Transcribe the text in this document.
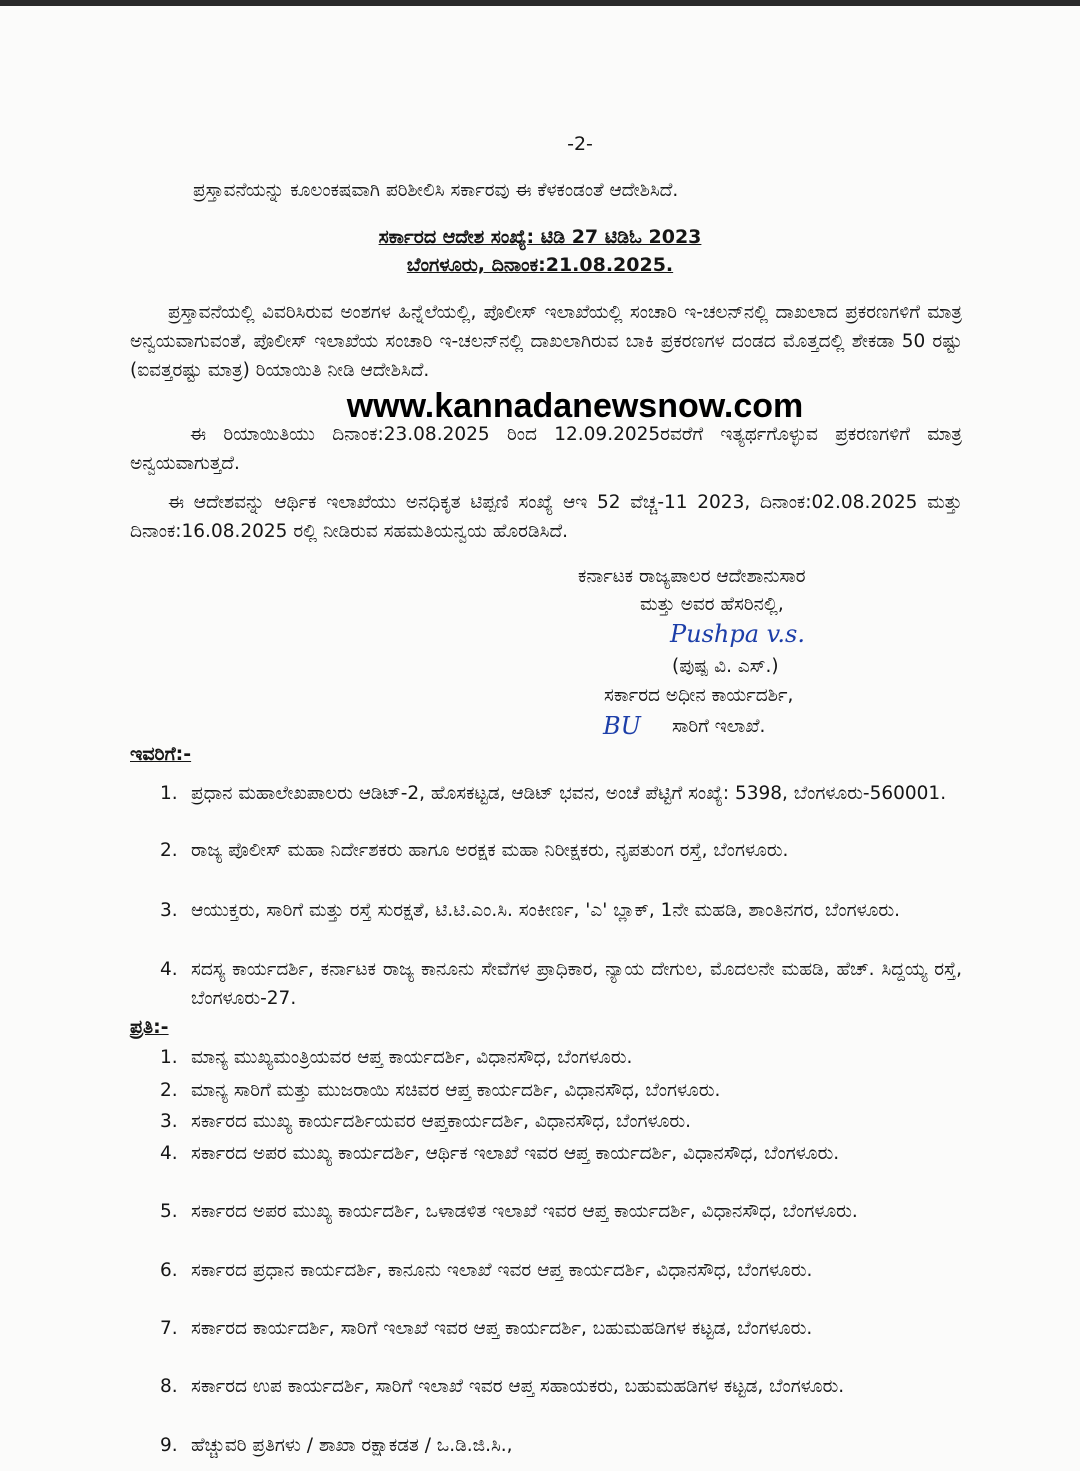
-2-
ಪ್ರಸ್ತಾವನೆಯನ್ನು ಕೂಲಂಕಷವಾಗಿ ಪರಿಶೀಲಿಸಿ ಸರ್ಕಾರವು ಈ ಕೆಳಕಂಡಂತೆ ಆದೇಶಿಸಿದೆ.
ಸರ್ಕಾರದ ಆದೇಶ ಸಂಖ್ಯೆ: ಟಿಡಿ 27 ಟಿಡಿಓ 2023
ಬೆಂಗಳೂರು, ದಿನಾಂಕ:21.08.2025.
ಪ್ರಸ್ತಾವನೆಯಲ್ಲಿ ವಿವರಿಸಿರುವ ಅಂಶಗಳ ಹಿನ್ನೆಲೆಯಲ್ಲಿ, ಪೊಲೀಸ್ ಇಲಾಖೆಯಲ್ಲಿ ಸಂಚಾರಿ ಇ-ಚಲನ್‌ನಲ್ಲಿ ದಾಖಲಾದ ಪ್ರಕರಣಗಳಿಗೆ ಮಾತ್ರ ಅನ್ವಯವಾಗುವಂತೆ, ಪೊಲೀಸ್ ಇಲಾಖೆಯ ಸಂಚಾರಿ ಇ-ಚಲನ್‌ನಲ್ಲಿ ದಾಖಲಾಗಿರುವ ಬಾಕಿ ಪ್ರಕರಣಗಳ ದಂಡದ ಮೊತ್ತದಲ್ಲಿ ಶೇಕಡಾ 50 ರಷ್ಟು (ಐವತ್ತರಷ್ಟು ಮಾತ್ರ) ರಿಯಾಯಿತಿ ನೀಡಿ ಆದೇಶಿಸಿದೆ.
ಈ ರಿಯಾಯಿತಿಯು ದಿನಾಂಕ:23.08.2025 ರಿಂದ 12.09.2025ರವರೆಗೆ ಇತ್ಯರ್ಥಗೊಳ್ಳುವ ಪ್ರಕರಣಗಳಿಗೆ ಮಾತ್ರ ಅನ್ವಯವಾಗುತ್ತದೆ.
ಈ ಆದೇಶವನ್ನು ಆರ್ಥಿಕ ಇಲಾಖೆಯು ಅನಧಿಕೃತ ಟಿಪ್ಪಣಿ ಸಂಖ್ಯೆ ಆಇ 52 ವೆಚ್ಚ-11 2023, ದಿನಾಂಕ:02.08.2025 ಮತ್ತು ದಿನಾಂಕ:16.08.2025 ರಲ್ಲಿ ನೀಡಿರುವ ಸಹಮತಿಯನ್ವಯ ಹೊರಡಿಸಿದೆ.
www.kannadanewsnow.com
ಕರ್ನಾಟಕ ರಾಜ್ಯಪಾಲರ ಆದೇಶಾನುಸಾರ
ಮತ್ತು ಅವರ ಹೆಸರಿನಲ್ಲಿ,
Pushpa v.s.
(ಪುಷ್ಪ ವಿ. ಎಸ್.)
ಸರ್ಕಾರದ ಅಧೀನ ಕಾರ್ಯದರ್ಶಿ,
BU ಸಾರಿಗೆ ಇಲಾಖೆ.
ಇವರಿಗೆ:-
1. ಪ್ರಧಾನ ಮಹಾಲೇಖಪಾಲರು ಆಡಿಟ್-2, ಹೊಸಕಟ್ಟಡ, ಆಡಿಟ್ ಭವನ, ಅಂಚೆ ಪೆಟ್ಟಿಗೆ ಸಂಖ್ಯೆ: 5398, ಬೆಂಗಳೂರು-560001.
2. ರಾಜ್ಯ ಪೊಲೀಸ್ ಮಹಾ ನಿರ್ದೇಶಕರು ಹಾಗೂ ಅರಕ್ಷಕ ಮಹಾ ನಿರೀಕ್ಷಕರು, ನೃಪತುಂಗ ರಸ್ತೆ, ಬೆಂಗಳೂರು.
3. ಆಯುಕ್ತರು, ಸಾರಿಗೆ ಮತ್ತು ರಸ್ತೆ ಸುರಕ್ಷತೆ, ಟಿ.ಟಿ.ಎಂ.ಸಿ. ಸಂಕೀರ್ಣ, 'ಎ' ಬ್ಲಾಕ್, 1ನೇ ಮಹಡಿ, ಶಾಂತಿನಗರ, ಬೆಂಗಳೂರು.
4. ಸದಸ್ಯ ಕಾರ್ಯದರ್ಶಿ, ಕರ್ನಾಟಕ ರಾಜ್ಯ ಕಾನೂನು ಸೇವೆಗಳ ಪ್ರಾಧಿಕಾರ, ನ್ಯಾಯ ದೇಗುಲ, ಮೊದಲನೇ ಮಹಡಿ, ಹೆಚ್. ಸಿದ್ದಯ್ಯ ರಸ್ತೆ, ಬೆಂಗಳೂರು-27.
ಪ್ರತಿ:-
1. ಮಾನ್ಯ ಮುಖ್ಯಮಂತ್ರಿಯವರ ಆಪ್ತ ಕಾರ್ಯದರ್ಶಿ, ವಿಧಾನಸೌಧ, ಬೆಂಗಳೂರು.
2. ಮಾನ್ಯ ಸಾರಿಗೆ ಮತ್ತು ಮುಜರಾಯಿ ಸಚಿವರ ಆಪ್ತ ಕಾರ್ಯದರ್ಶಿ, ವಿಧಾನಸೌಧ, ಬೆಂಗಳೂರು.
3. ಸರ್ಕಾರದ ಮುಖ್ಯ ಕಾರ್ಯದರ್ಶಿಯವರ ಆಪ್ತಕಾರ್ಯದರ್ಶಿ, ವಿಧಾನಸೌಧ, ಬೆಂಗಳೂರು.
4. ಸರ್ಕಾರದ ಅಪರ ಮುಖ್ಯ ಕಾರ್ಯದರ್ಶಿ, ಆರ್ಥಿಕ ಇಲಾಖೆ ಇವರ ಆಪ್ತ ಕಾರ್ಯದರ್ಶಿ, ವಿಧಾನಸೌಧ, ಬೆಂಗಳೂರು.
5. ಸರ್ಕಾರದ ಅಪರ ಮುಖ್ಯ ಕಾರ್ಯದರ್ಶಿ, ಒಳಾಡಳಿತ ಇಲಾಖೆ ಇವರ ಆಪ್ತ ಕಾರ್ಯದರ್ಶಿ, ವಿಧಾನಸೌಧ, ಬೆಂಗಳೂರು.
6. ಸರ್ಕಾರದ ಪ್ರಧಾನ ಕಾರ್ಯದರ್ಶಿ, ಕಾನೂನು ಇಲಾಖೆ ಇವರ ಆಪ್ತ ಕಾರ್ಯದರ್ಶಿ, ವಿಧಾನಸೌಧ, ಬೆಂಗಳೂರು.
7. ಸರ್ಕಾರದ ಕಾರ್ಯದರ್ಶಿ, ಸಾರಿಗೆ ಇಲಾಖೆ ಇವರ ಆಪ್ತ ಕಾರ್ಯದರ್ಶಿ, ಬಹುಮಹಡಿಗಳ ಕಟ್ಟಡ, ಬೆಂಗಳೂರು.
8. ಸರ್ಕಾರದ ಉಪ ಕಾರ್ಯದರ್ಶಿ, ಸಾರಿಗೆ ಇಲಾಖೆ ಇವರ ಆಪ್ತ ಸಹಾಯಕರು, ಬಹುಮಹಡಿಗಳ ಕಟ್ಟಡ, ಬೆಂಗಳೂರು.
9. ಹೆಚ್ಚುವರಿ ಪ್ರತಿಗಳು / ಶಾಖಾ ರಕ್ಷಾಕಡತ / ಒ.ಡಿ.ಜಿ.ಸಿ.,
